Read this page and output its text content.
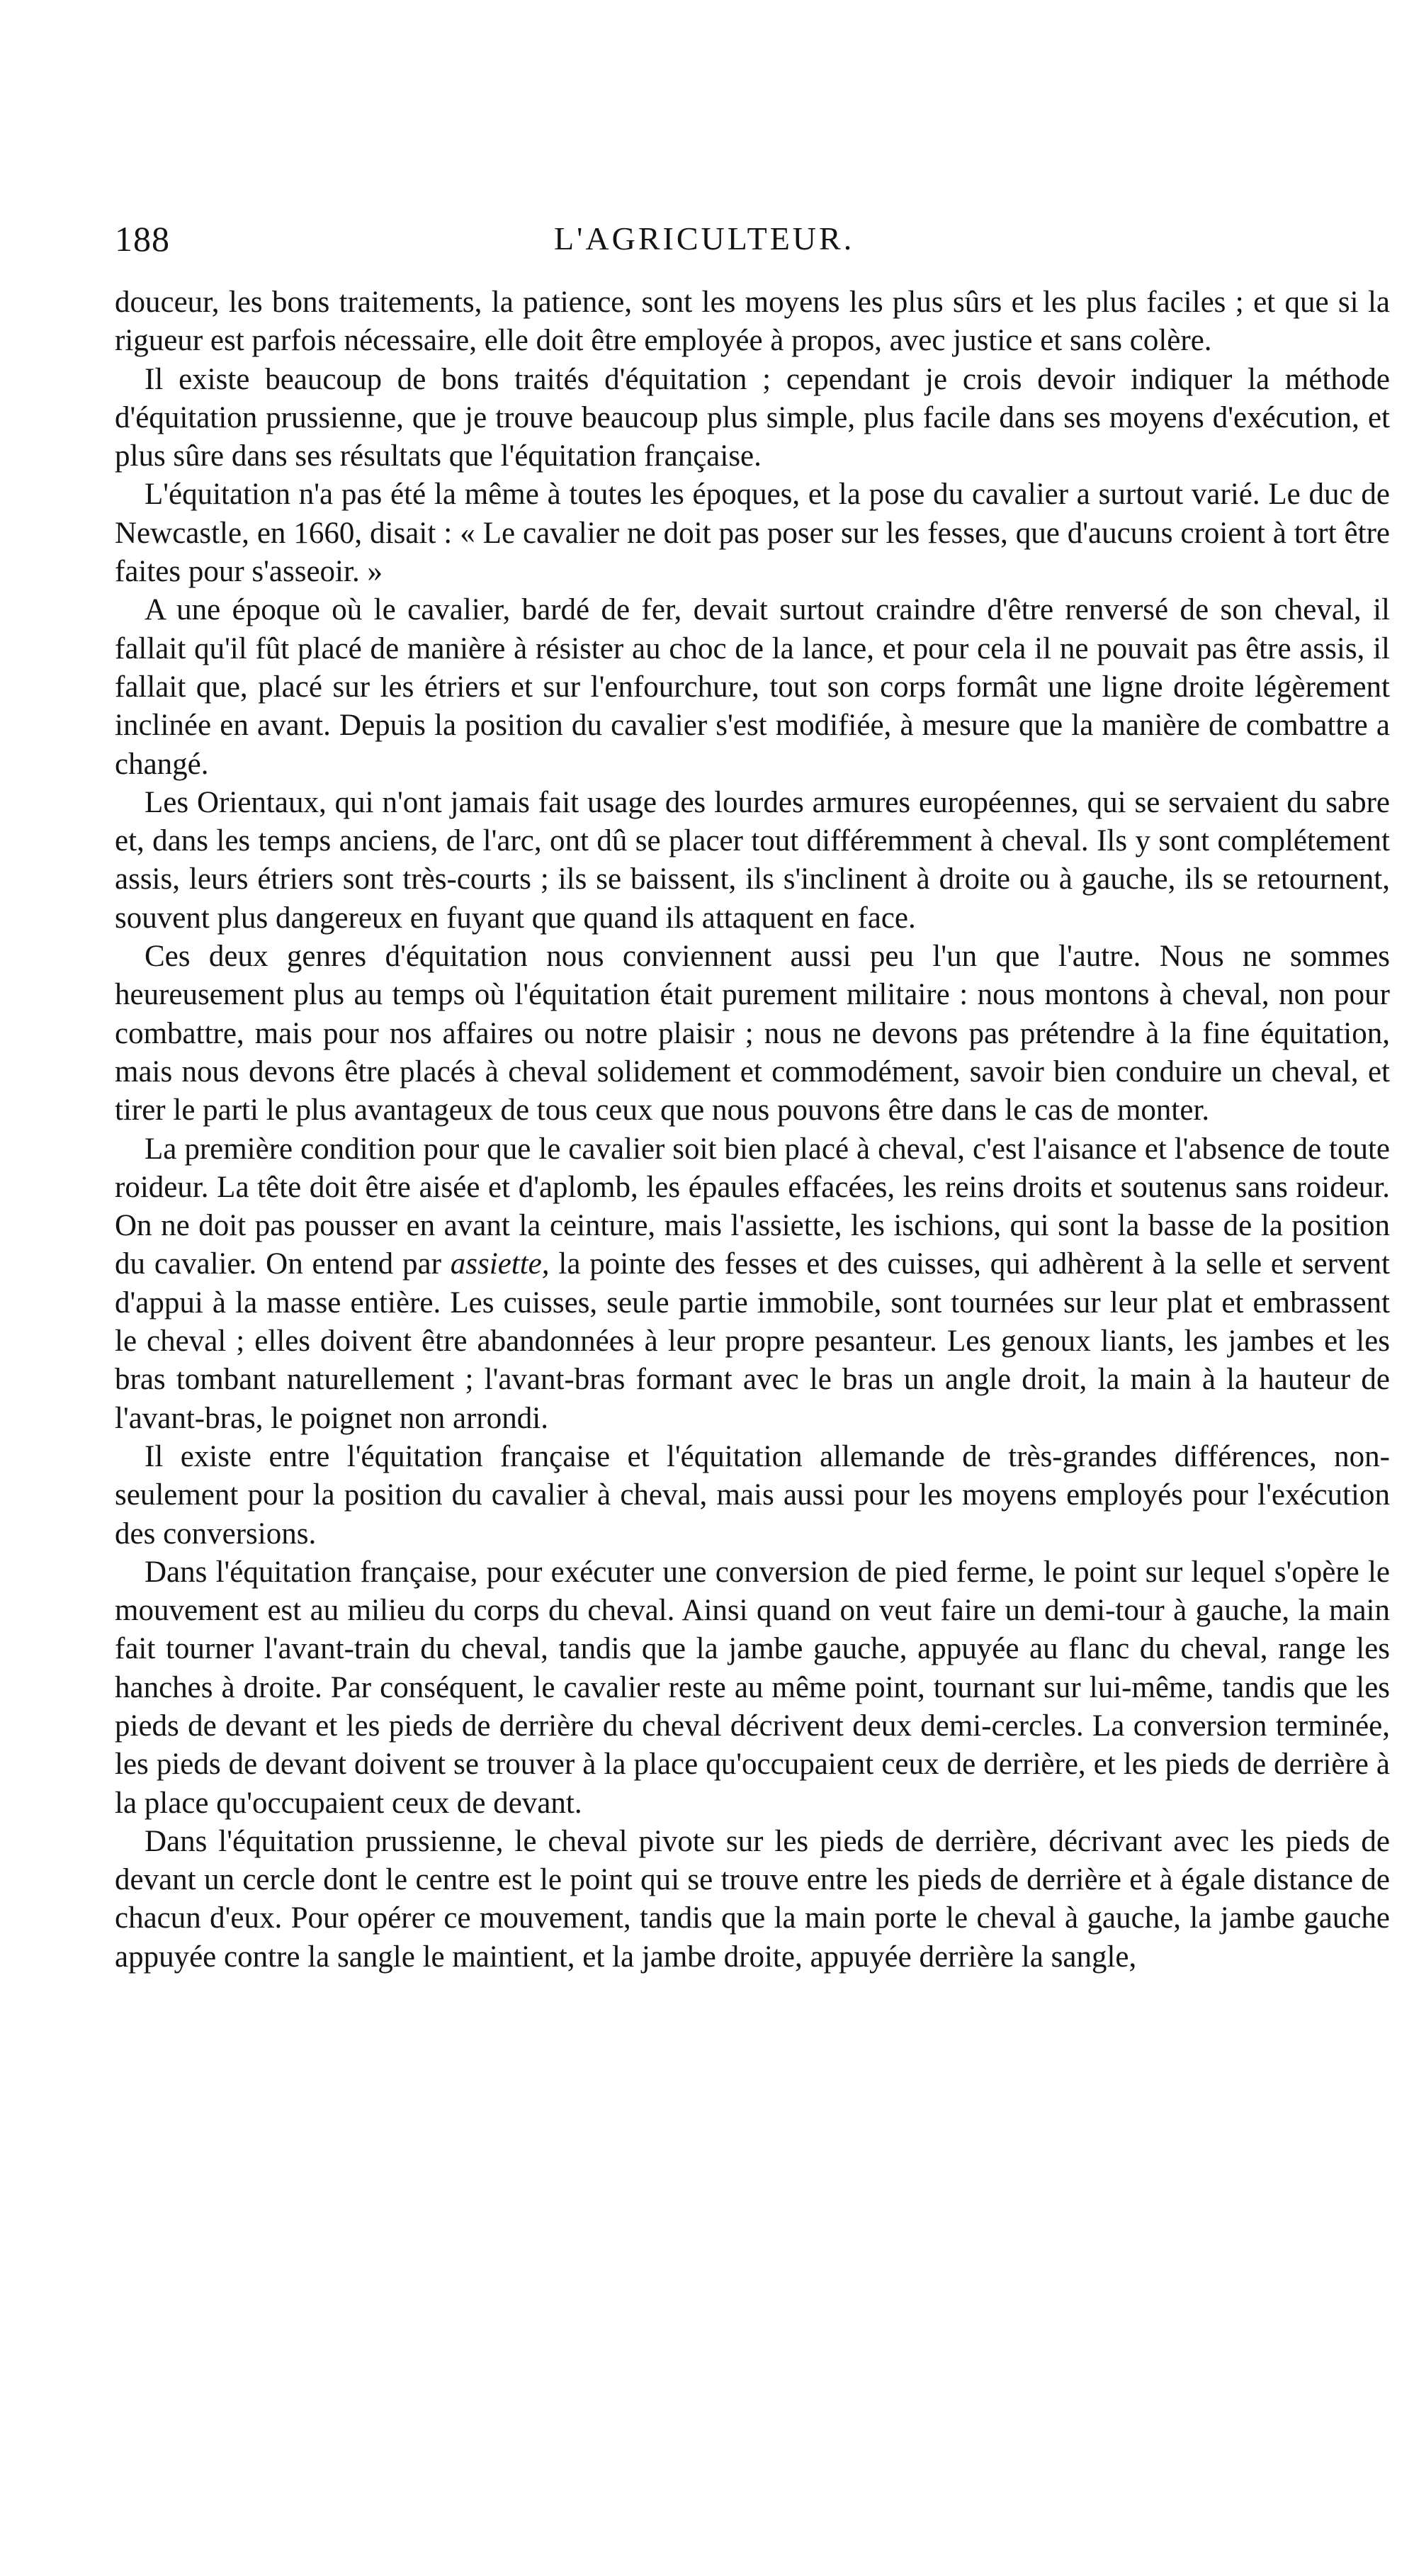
188	L'AGRICULTEUR.

douceur, les bons traitements, la patience, sont les moyens les plus sûrs et les plus faciles ; et que si la rigueur est parfois nécessaire, elle doit être employée à propos, avec justice et sans colère.

Il existe beaucoup de bons traités d'équitation ; cependant je crois devoir indiquer la méthode d'équitation prussienne, que je trouve beaucoup plus simple, plus facile dans ses moyens d'exécution, et plus sûre dans ses résultats que l'équitation française.

L'équitation n'a pas été la même à toutes les époques, et la pose du cavalier a surtout varié. Le duc de Newcastle, en 1660, disait : « Le cavalier ne doit pas poser sur les fesses, que d'aucuns croient à tort être faites pour s'asseoir. »

A une époque où le cavalier, bardé de fer, devait surtout craindre d'être renversé de son cheval, il fallait qu'il fût placé de manière à résister au choc de la lance, et pour cela il ne pouvait pas être assis, il fallait que, placé sur les étriers et sur l'enfourchure, tout son corps formât une ligne droite légèrement inclinée en avant. Depuis la position du cavalier s'est modifiée, à mesure que la manière de combattre a changé.

Les Orientaux, qui n'ont jamais fait usage des lourdes armures européennes, qui se servaient du sabre et, dans les temps anciens, de l'arc, ont dû se placer tout différemment à cheval. Ils y sont complétement assis, leurs étriers sont très-courts ; ils se baissent, ils s'inclinent à droite ou à gauche, ils se retournent, souvent plus dangereux en fuyant que quand ils attaquent en face.

Ces deux genres d'équitation nous conviennent aussi peu l'un que l'autre. Nous ne sommes heureusement plus au temps où l'équitation était purement militaire : nous montons à cheval, non pour combattre, mais pour nos affaires ou notre plaisir ; nous ne devons pas prétendre à la fine équitation, mais nous devons être placés à cheval solidement et commodément, savoir bien conduire un cheval, et tirer le parti le plus avantageux de tous ceux que nous pouvons être dans le cas de monter.

La première condition pour que le cavalier soit bien placé à cheval, c'est l'aisance et l'absence de toute roideur. La tête doit être aisée et d'aplomb, les épaules effacées, les reins droits et soutenus sans roideur. On ne doit pas pousser en avant la ceinture, mais l'assiette, les ischions, qui sont la basse de la position du cavalier. On entend par assiette, la pointe des fesses et des cuisses, qui adhèrent à la selle et servent d'appui à la masse entière. Les cuisses, seule partie immobile, sont tournées sur leur plat et embrassent le cheval ; elles doivent être abandonnées à leur propre pesanteur. Les genoux liants, les jambes et les bras tombant naturellement ; l'avant-bras formant avec le bras un angle droit, la main à la hauteur de l'avant-bras, le poignet non arrondi.

Il existe entre l'équitation française et l'équitation allemande de très-grandes différences, non-seulement pour la position du cavalier à cheval, mais aussi pour les moyens employés pour l'exécution des conversions.

Dans l'équitation française, pour exécuter une conversion de pied ferme, le point sur lequel s'opère le mouvement est au milieu du corps du cheval. Ainsi quand on veut faire un demi-tour à gauche, la main fait tourner l'avant-train du cheval, tandis que la jambe gauche, appuyée au flanc du cheval, range les hanches à droite. Par conséquent, le cavalier reste au même point, tournant sur lui-même, tandis que les pieds de devant et les pieds de derrière du cheval décrivent deux demi-cercles. La conversion terminée, les pieds de devant doivent se trouver à la place qu'occupaient ceux de derrière, et les pieds de derrière à la place qu'occupaient ceux de devant.

Dans l'équitation prussienne, le cheval pivote sur les pieds de derrière, décrivant avec les pieds de devant un cercle dont le centre est le point qui se trouve entre les pieds de derrière et à égale distance de chacun d'eux. Pour opérer ce mouvement, tandis que la main porte le cheval à gauche, la jambe gauche appuyée contre la sangle le maintient, et la jambe droite, appuyée derrière la sangle,
